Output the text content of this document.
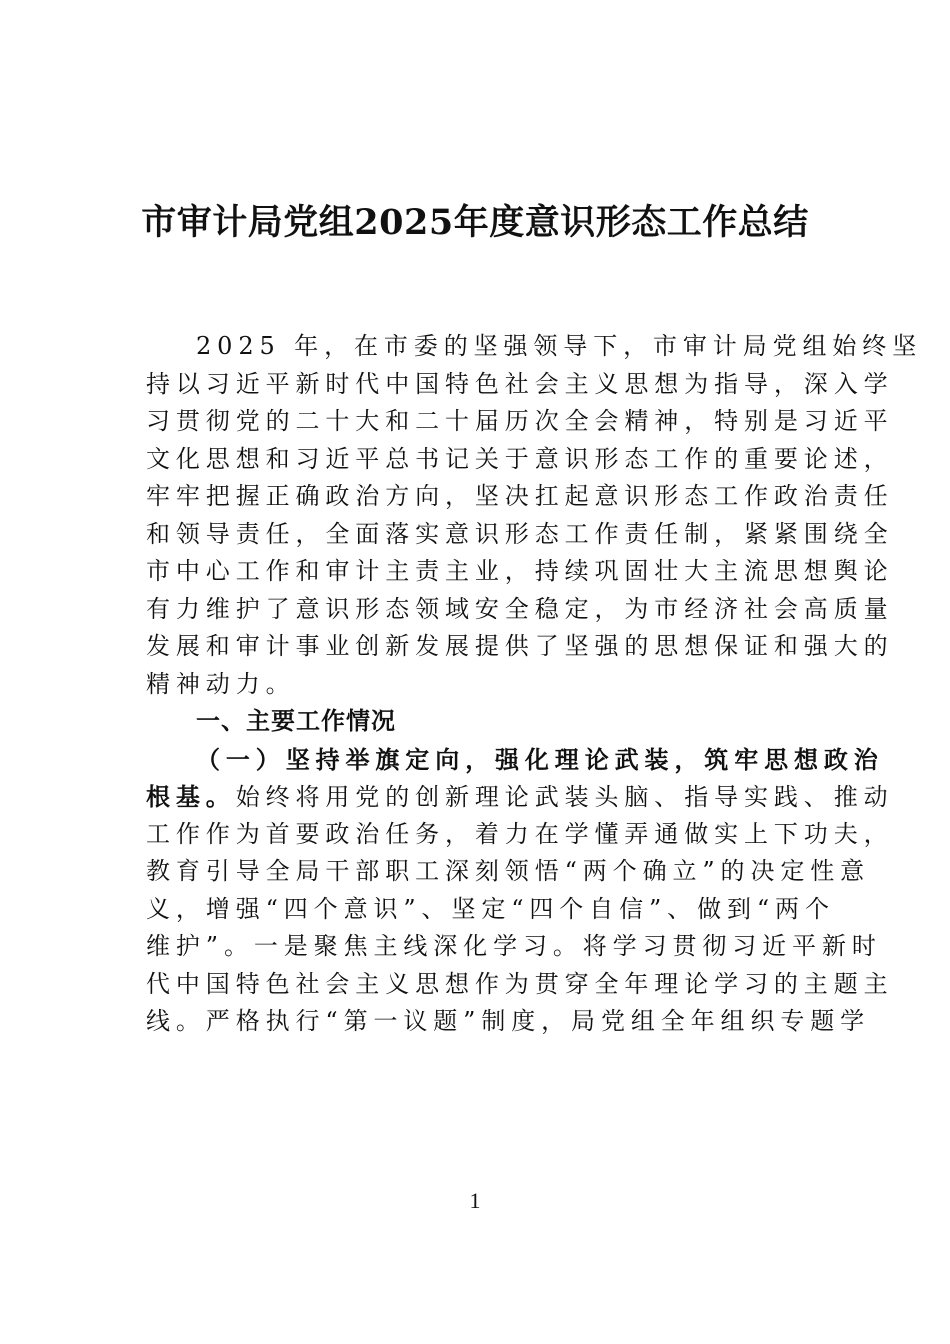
市审计局党组2025年度意识形态工作总结
2025 年，在市委的坚强领导下，市审计局党组始终坚
持以习近平新时代中国特色社会主义思想为指导，深入学
习贯彻党的二十大和二十届历次全会精神，特别是习近平
文化思想和习近平总书记关于意识形态工作的重要论述，
牢牢把握正确政治方向，坚决扛起意识形态工作政治责任
和领导责任，全面落实意识形态工作责任制，紧紧围绕全
市中心工作和审计主责主业，持续巩固壮大主流思想舆论
有力维护了意识形态领域安全稳定，为市经济社会高质量
发展和审计事业创新发展提供了坚强的思想保证和强大的
精神动力。
一、主要工作情况
（一）坚持举旗定向，强化理论武装，筑牢思想政治
根基。始终将用党的创新理论武装头脑、指导实践、推动
工作作为首要政治任务，着力在学懂弄通做实上下功夫，
教育引导全局干部职工深刻领悟“两个确立”的决定性意
义，增强“四个意识”、坚定“四个自信”、做到“两个
维护”。一是聚焦主线深化学习。将学习贯彻习近平新时
代中国特色社会主义思想作为贯穿全年理论学习的主题主
线。严格执行“第一议题”制度，局党组全年组织专题学
1
